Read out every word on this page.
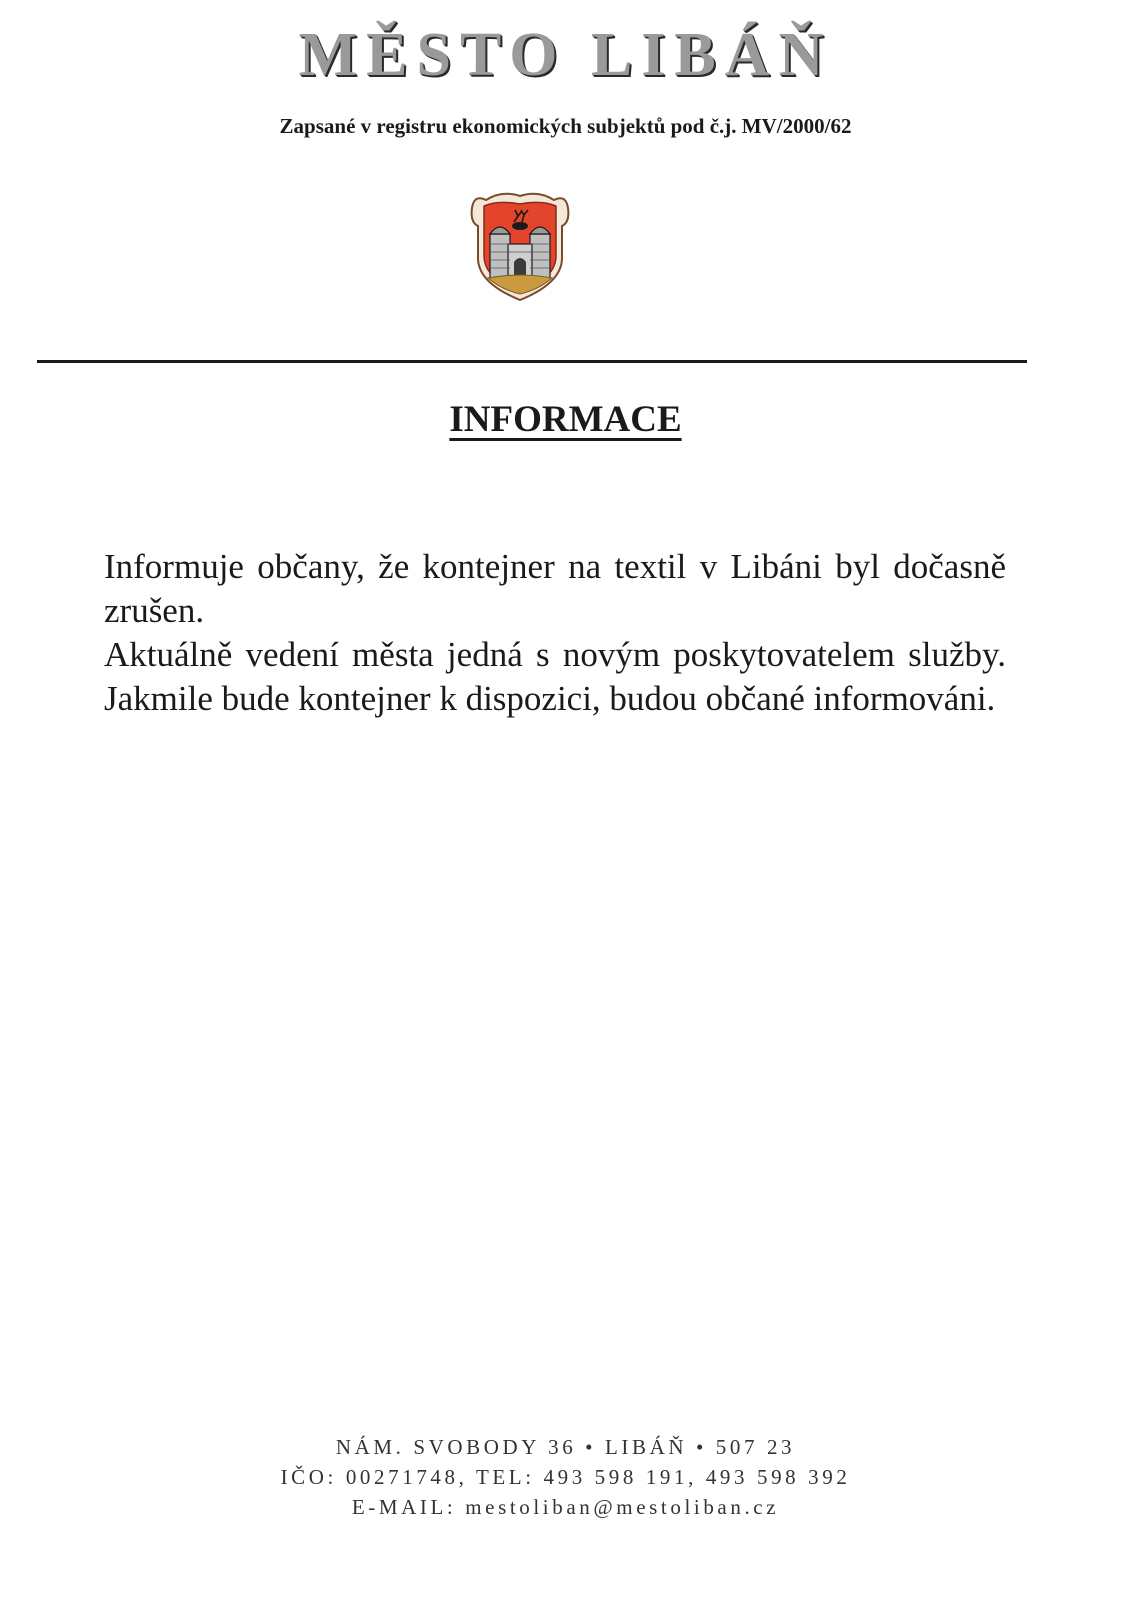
MĚSTO LIBÁŇ
Zapsané v registru ekonomických subjektů pod č.j. MV/2000/62
INFORMACE

Informuje občany, že kontejner na textil v Libáni byl dočasně zrušen.

Aktuálně vedení města jedná s novým poskytovatelem služby. Jakmile bude kontejner k dispozici, budou občané informováni.

NÁM. SVOBODY 36 • LIBÁŇ • 507 23
IČO: 00271748, TEL: 493 598 191, 493 598 392
E-MAIL: mestoliban@mestoliban.cz
